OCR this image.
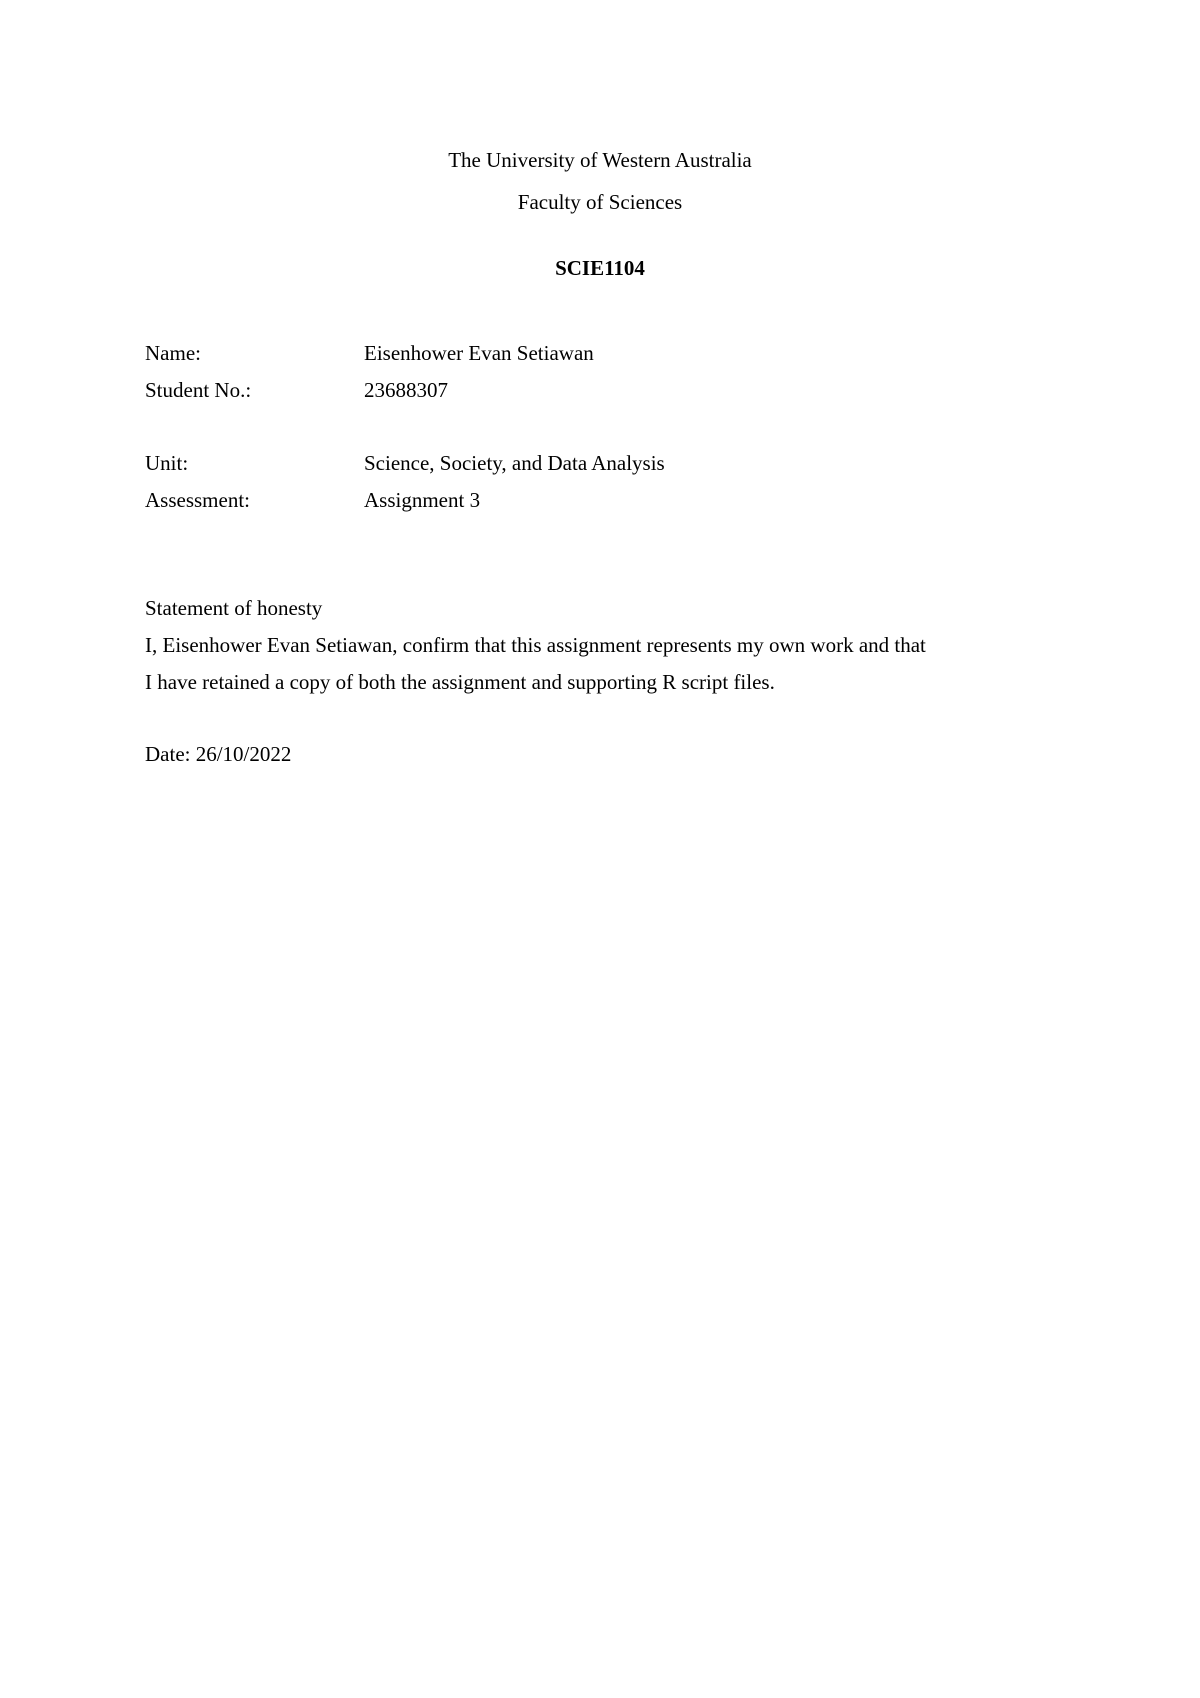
The University of Western Australia
Faculty of Sciences
SCIE1104
Name:	Eisenhower Evan Setiawan
Student No.:	23688307
Unit:	Science, Society, and Data Analysis
Assessment:	Assignment 3
Statement of honesty
I, Eisenhower Evan Setiawan, confirm that this assignment represents my own work and that
I have retained a copy of both the assignment and supporting R script files.
Date: 26/10/2022
